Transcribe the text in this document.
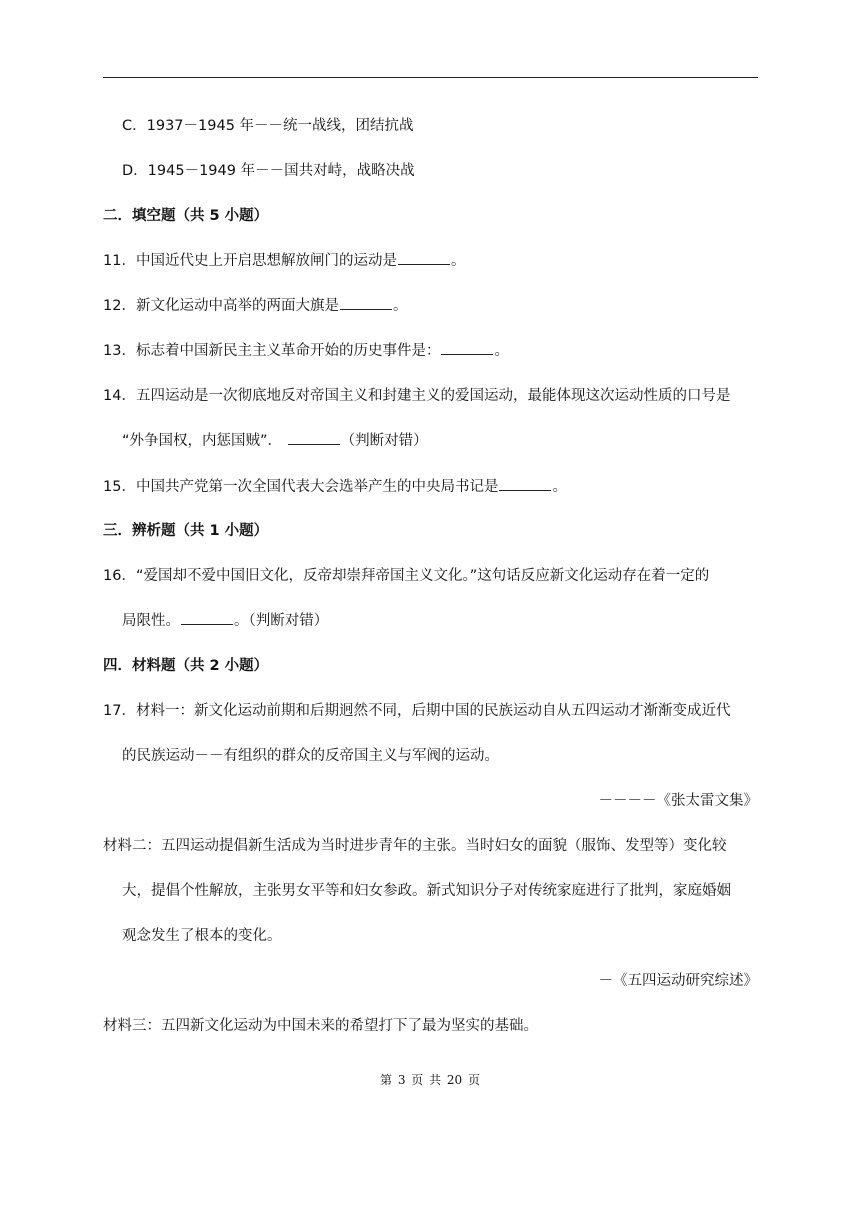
C．1937－1945 年－－统一战线，团结抗战
D．1945－1949 年－－国共对峙，战略决战
二．填空题（共 5 小题）
11．中国近代史上开启思想解放闸门的运动是	。
12．新文化运动中高举的两面大旗是	。
13．标志着中国新民主主义革命开始的历史事件是：	。
14．五四运动是一次彻底地反对帝国主义和封建主义的爱国运动，最能体现这次运动性质的口号是
“外争国权，内惩国贼”．	（判断对错）
15．中国共产党第一次全国代表大会选举产生的中央局书记是	。
三．辨析题（共 1 小题）
16．“爱国却不爱中国旧文化，反帝却崇拜帝国主义文化。”这句话反应新文化运动存在着一定的
局限性。	。（判断对错）
四．材料题（共 2 小题）
17．材料一：新文化运动前期和后期迥然不同，后期中国的民族运动自从五四运动才渐渐变成近代
的民族运动－－有组织的群众的反帝国主义与军阀的运动。
－－－－《张太雷文集》
材料二：五四运动提倡新生活成为当时进步青年的主张。当时妇女的面貌（服饰、发型等）变化较
大，提倡个性解放，主张男女平等和妇女参政。新式知识分子对传统家庭进行了批判，家庭婚姻
观念发生了根本的变化。
－《五四运动研究综述》
材料三：五四新文化运动为中国未来的希望打下了最为坚实的基础。
第 3 页 共 20 页
